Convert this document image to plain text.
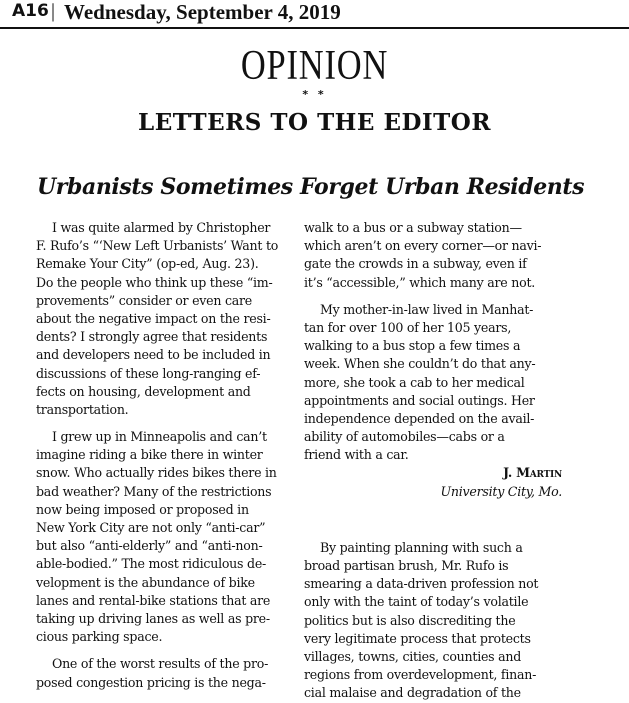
A16 | Wednesday, September 4, 2019
OPINION
* *
LETTERS TO THE EDITOR
Urbanists Sometimes Forget Urban Residents
I was quite alarmed by Christopher
F. Rufo’s “‘New Left Urbanists’ Want to
Remake Your City” (op-ed, Aug. 23).
Do the people who think up these “im-
provements” consider or even care
about the negative impact on the resi-
dents? I strongly agree that residents
and developers need to be included in
discussions of these long-ranging ef-
fects on housing, development and
transportation.
I grew up in Minneapolis and can’t
imagine riding a bike there in winter
snow. Who actually rides bikes there in
bad weather? Many of the restrictions
now being imposed or proposed in
New York City are not only “anti-car”
but also “anti-elderly” and “anti-non-
able-bodied.” The most ridiculous de-
velopment is the abundance of bike
lanes and rental-bike stations that are
taking up driving lanes as well as pre-
cious parking space.
One of the worst results of the pro-
posed congestion pricing is the nega-
walk to a bus or a subway station—
which aren’t on every corner—or navi-
gate the crowds in a subway, even if
it’s “accessible,” which many are not.
My mother-in-law lived in Manhat-
tan for over 100 of her 105 years,
walking to a bus stop a few times a
week. When she couldn’t do that any-
more, she took a cab to her medical
appointments and social outings. Her
independence depended on the avail-
ability of automobiles—cabs or a
friend with a car.
J. Martin
University City, Mo.
By painting planning with such a
broad partisan brush, Mr. Rufo is
smearing a data-driven profession not
only with the taint of today’s volatile
politics but is also discrediting the
very legitimate process that protects
villages, towns, cities, counties and
regions from overdevelopment, finan-
cial malaise and degradation of the
